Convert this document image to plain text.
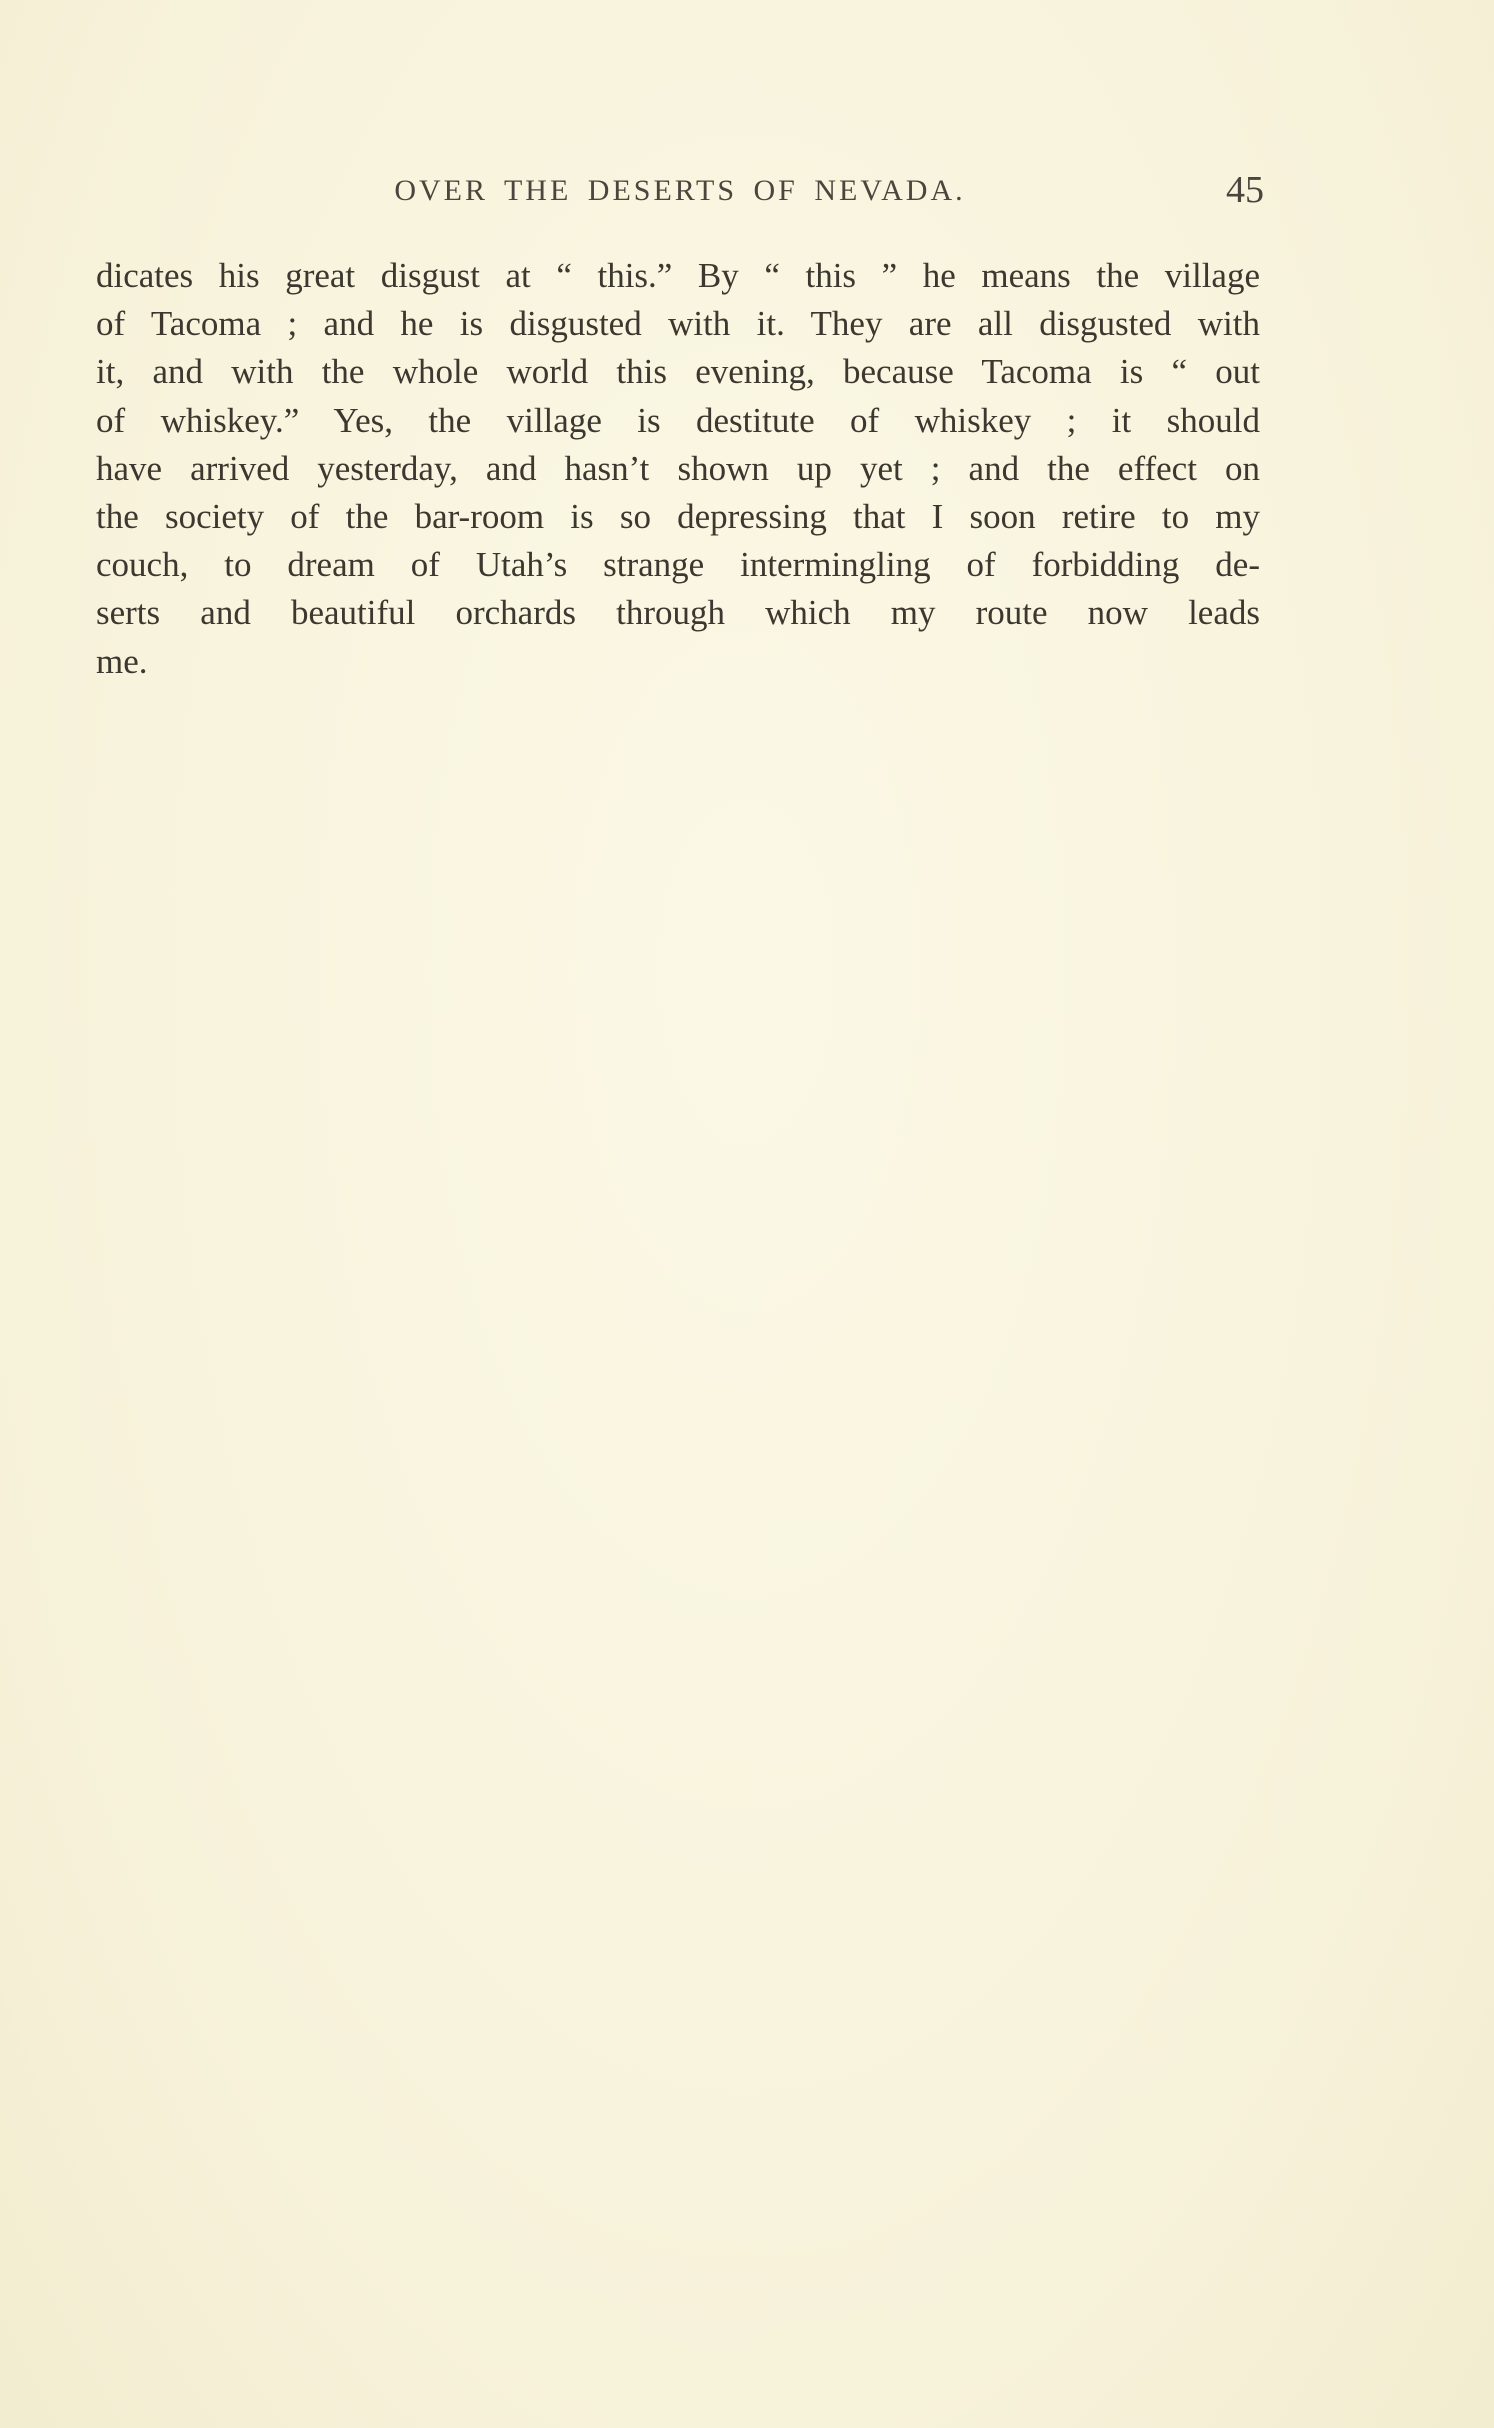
OVER THE DESERTS OF NEVADA.	45
dicates his great disgust at “ this.” By “ this ” he means the village
of Tacoma ; and he is disgusted with it. They are all disgusted with
it, and with the whole world this evening, because Tacoma is “ out
of whiskey.” Yes, the village is destitute of whiskey ; it should
have arrived yesterday, and hasn’t shown up yet ; and the effect on
the society of the bar-room is so depressing that I soon retire to my
couch, to dream of Utah’s strange intermingling of forbidding de-
serts and beautiful orchards through which my route now leads
me.
